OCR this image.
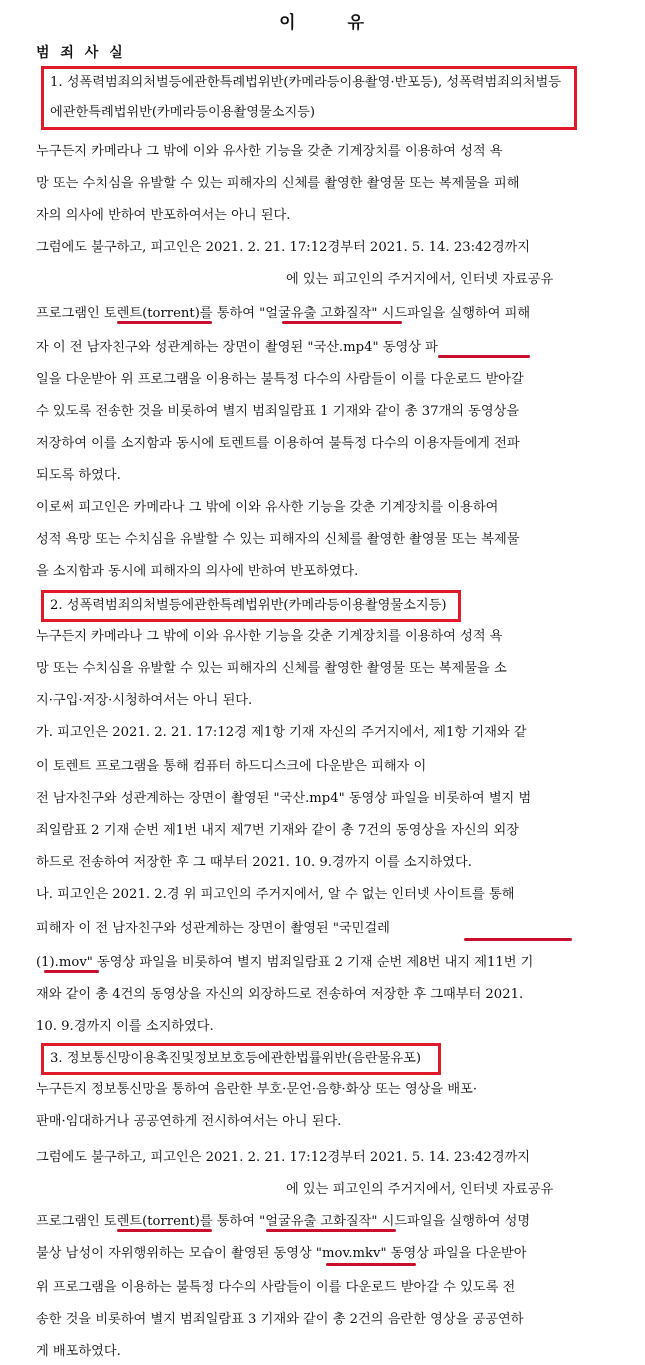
이	유
범 죄 사 실
1. 성폭력범죄의처벌등에관한특례법위반(카메라등이용촬영·반포등), 성폭력범죄의처벌등
에관한특례법위반(카메라등이용촬영물소지등)
누구든지 카메라나 그 밖에 이와 유사한 기능을 갖춘 기계장치를 이용하여 성적 욕
망 또는 수치심을 유발할 수 있는 피해자의 신체를 촬영한 촬영물 또는 복제물을 피해
자의 의사에 반하여 반포하여서는 아니 된다.
그럼에도 불구하고, 피고인은 2021. 2. 21. 17:12경부터 2021. 5. 14. 23:42경까지
에 있는 피고인의 주거지에서, 인터넷 자료공유
프로그램인 토렌트(torrent)를 통하여 "얼굴유출 고화질작" 시드파일을 실행하여 피해
자 이 전 남자친구와 성관계하는 장면이 촬영된 "국산.mp4" 동영상 파
일을 다운받아 위 프로그램을 이용하는 불특정 다수의 사람들이 이를 다운로드 받아갈
수 있도록 전송한 것을 비롯하여 별지 범죄일람표 1 기재와 같이 총 37개의 동영상을
저장하여 이를 소지함과 동시에 토렌트를 이용하여 불특정 다수의 이용자들에게 전파
되도록 하였다.
이로써 피고인은 카메라나 그 밖에 이와 유사한 기능을 갖춘 기계장치를 이용하여
성적 욕망 또는 수치심을 유발할 수 있는 피해자의 신체를 촬영한 촬영물 또는 복제물
을 소지함과 동시에 피해자의 의사에 반하여 반포하였다.
2. 성폭력범죄의처벌등에관한특례법위반(카메라등이용촬영물소지등)
누구든지 카메라나 그 밖에 이와 유사한 기능을 갖춘 기계장치를 이용하여 성적 욕
망 또는 수치심을 유발할 수 있는 피해자의 신체를 촬영한 촬영물 또는 복제물을 소
지·구입·저장·시청하여서는 아니 된다.
가. 피고인은 2021. 2. 21. 17:12경 제1항 기재 자신의 주거지에서, 제1항 기재와 같
이 토렌트 프로그램을 통해 컴퓨터 하드디스크에 다운받은 피해자 이
전 남자친구와 성관계하는 장면이 촬영된 "국산.mp4" 동영상 파일을 비롯하여 별지 범
죄일람표 2 기재 순번 제1번 내지 제7번 기재와 같이 총 7건의 동영상을 자신의 외장
하드로 전송하여 저장한 후 그 때부터 2021. 10. 9.경까지 이를 소지하였다.
나. 피고인은 2021. 2.경 위 피고인의 주거지에서, 알 수 없는 인터넷 사이트를 통해
피해자 이 전 남자친구와 성관계하는 장면이 촬영된 "국민걸레
(1).mov" 동영상 파일을 비롯하여 별지 범죄일람표 2 기재 순번 제8번 내지 제11번 기
재와 같이 총 4건의 동영상을 자신의 외장하드로 전송하여 저장한 후 그때부터 2021.
10. 9.경까지 이를 소지하였다.
3. 정보통신망이용촉진및정보보호등에관한법률위반(음란물유포)
누구든지 정보통신망을 통하여 음란한 부호·문언·음향·화상 또는 영상을 배포·
판매·임대하거나 공공연하게 전시하여서는 아니 된다.
그럼에도 불구하고, 피고인은 2021. 2. 21. 17:12경부터 2021. 5. 14. 23:42경까지
에 있는 피고인의 주거지에서, 인터넷 자료공유
프로그램인 토렌트(torrent)를 통하여 "얼굴유출 고화질작" 시드파일을 실행하여 성명
불상 남성이 자위행위하는 모습이 촬영된 동영상 "mov.mkv" 동영상 파일을 다운받아
위 프로그램을 이용하는 불특정 다수의 사람들이 이를 다운로드 받아갈 수 있도록 전
송한 것을 비롯하여 별지 범죄일람표 3 기재와 같이 총 2건의 음란한 영상을 공공연하
게 배포하였다.
